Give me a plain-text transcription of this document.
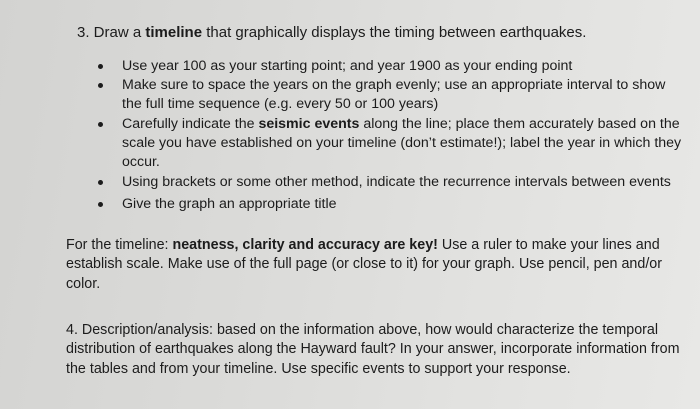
3. Draw a timeline that graphically displays the timing between earthquakes.
Use year 100 as your starting point; and year 1900 as your ending point
Make sure to space the years on the graph evenly; use an appropriate interval to show the full time sequence (e.g. every 50 or 100 years)
Carefully indicate the seismic events along the line; place them accurately based on the scale you have established on your timeline (don’t estimate!); label the year in which they occur.
Using brackets or some other method, indicate the recurrence intervals between events
Give the graph an appropriate title
For the timeline: neatness, clarity and accuracy are key! Use a ruler to make your lines and establish scale. Make use of the full page (or close to it) for your graph. Use pencil, pen and/or color.
4. Description/analysis: based on the information above, how would characterize the temporal distribution of earthquakes along the Hayward fault? In your answer, incorporate information from the tables and from your timeline. Use specific events to support your response.
